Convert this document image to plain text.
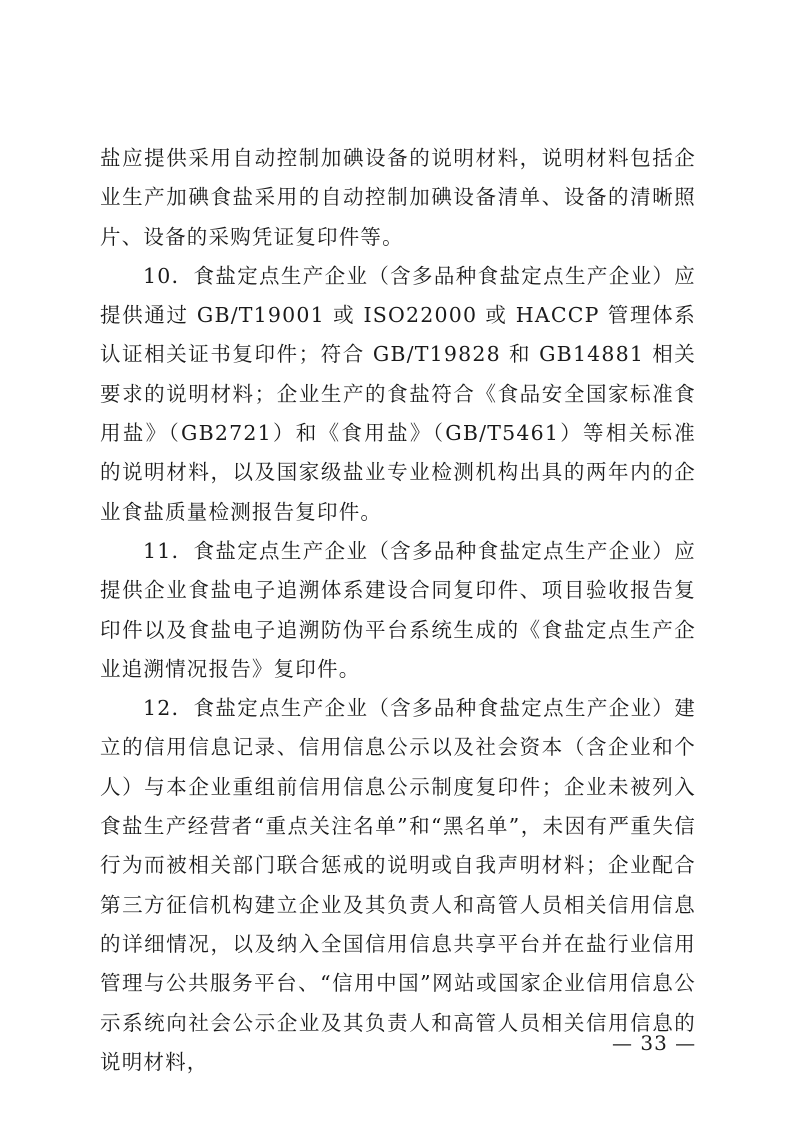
盐应提供采用自动控制加碘设备的说明材料，说明材料包括企业生产加碘食盐采用的自动控制加碘设备清单、设备的清晰照片、设备的采购凭证复印件等。

10．食盐定点生产企业（含多品种食盐定点生产企业）应提供通过 GB/T19001 或 ISO22000 或 HACCP 管理体系认证相关证书复印件；符合 GB/T19828 和 GB14881 相关要求的说明材料；企业生产的食盐符合《食品安全国家标准食用盐》（GB2721）和《食用盐》（GB/T5461）等相关标准的说明材料，以及国家级盐业专业检测机构出具的两年内的企业食盐质量检测报告复印件。

11．食盐定点生产企业（含多品种食盐定点生产企业）应提供企业食盐电子追溯体系建设合同复印件、项目验收报告复印件以及食盐电子追溯防伪平台系统生成的《食盐定点生产企业追溯情况报告》复印件。

12．食盐定点生产企业（含多品种食盐定点生产企业）建立的信用信息记录、信用信息公示以及社会资本（含企业和个人）与本企业重组前信用信息公示制度复印件；企业未被列入食盐生产经营者“重点关注名单”和“黑名单”，未因有严重失信行为而被相关部门联合惩戒的说明或自我声明材料；企业配合第三方征信机构建立企业及其负责人和高管人员相关信用信息的详细情况，以及纳入全国信用信息共享平台并在盐行业信用管理与公共服务平台、“信用中国”网站或国家企业信用信息公示系统向社会公示企业及其负责人和高管人员相关信用信息的说明材料，

— 33 —
